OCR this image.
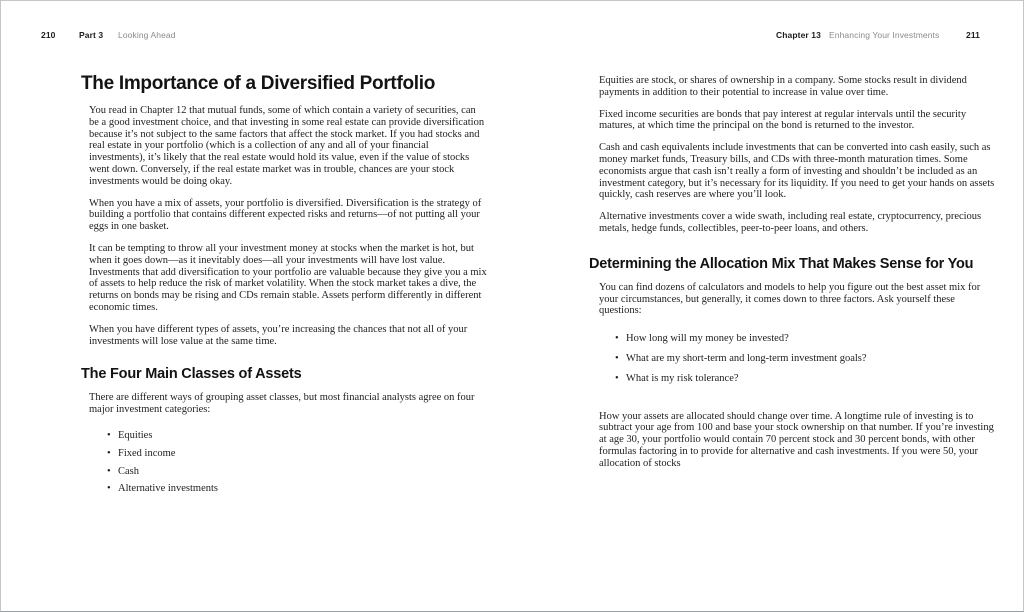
210	Part 3 Looking Ahead	Chapter 13 Enhancing Your Investments	211
The Importance of a Diversified Portfolio

You read in Chapter 12 that mutual funds, some of which contain a variety of securities, can be a good investment choice, and that investing in some real estate can provide diversification because it’s not subject to the same factors that affect the stock market. If you had stocks and real estate in your portfolio (which is a collection of any and all of your financial investments), it’s likely that the real estate would hold its value, even if the value of stocks went down. Conversely, if the real estate market was in trouble, chances are your stock investments would be doing okay.

When you have a mix of assets, your portfolio is diversified. Diversification is the strategy of building a portfolio that contains different expected risks and returns—of not putting all your eggs in one basket.

It can be tempting to throw all your investment money at stocks when the market is hot, but when it goes down—as it inevitably does—all your investments will have lost value. Investments that add diversification to your portfolio are valuable because they give you a mix of assets to help reduce the risk of market volatility. When the stock market takes a dive, the returns on bonds may be rising and CDs remain stable. Assets perform differently in different economic times.

When you have different types of assets, you’re increasing the chances that not all of your investments will lose value at the same time.

The Four Main Classes of Assets

There are different ways of grouping asset classes, but most financial analysts agree on four major investment categories:

• Equities
• Fixed income
• Cash
• Alternative investments

Equities are stock, or shares of ownership in a company. Some stocks result in dividend payments in addition to their potential to increase in value over time.

Fixed income securities are bonds that pay interest at regular intervals until the security matures, at which time the principal on the bond is returned to the investor.

Cash and cash equivalents include investments that can be converted into cash easily, such as money market funds, Treasury bills, and CDs with three-month maturation times. Some economists argue that cash isn’t really a form of investing and shouldn’t be included as an investment category, but it’s necessary for its liquidity. If you need to get your hands on assets quickly, cash reserves are where you’ll look.

Alternative investments cover a wide swath, including real estate, cryptocurrency, precious metals, hedge funds, collectibles, peer-to-peer loans, and others.

Determining the Allocation Mix That Makes Sense for You

You can find dozens of calculators and models to help you figure out the best asset mix for your circumstances, but generally, it comes down to three factors. Ask yourself these questions:

• How long will my money be invested?
• What are my short-term and long-term investment goals?
• What is my risk tolerance?

How your assets are allocated should change over time. A longtime rule of investing is to subtract your age from 100 and base your stock ownership on that number. If you’re investing at age 30, your portfolio would contain 70 percent stock and 30 percent bonds, with other formulas factoring in to provide for alternative and cash investments. If you were 50, your allocation of stocks
